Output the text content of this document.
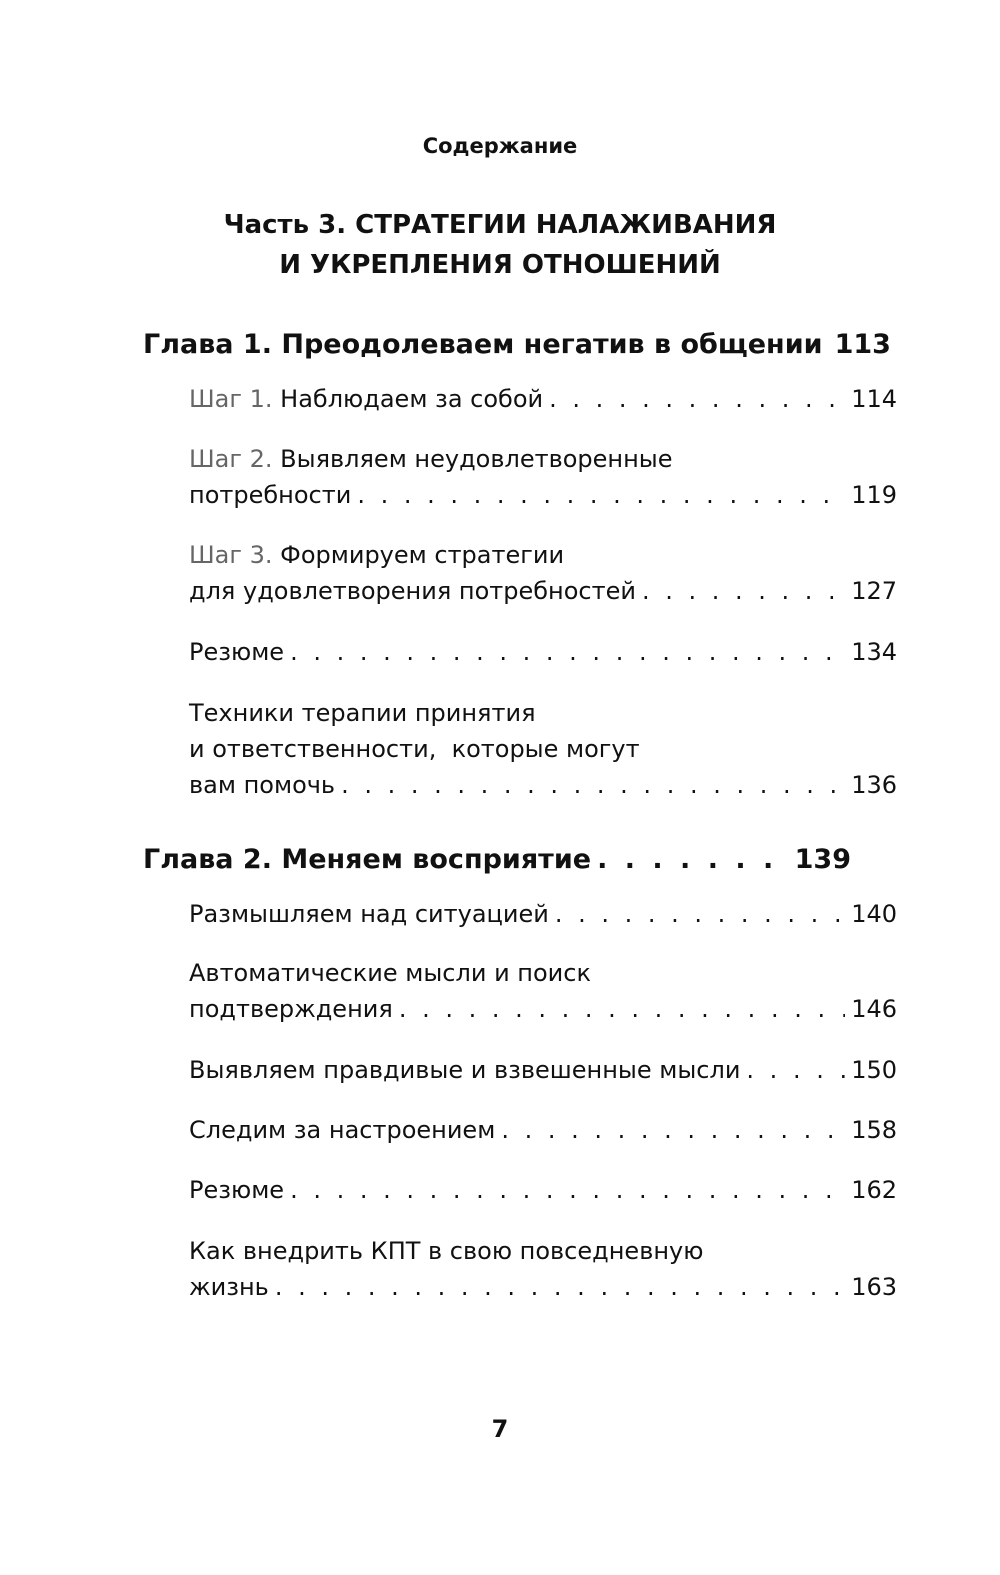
Содержание
Часть 3. СТРАТЕГИИ НАЛАЖИВАНИЯ
И УКРЕПЛЕНИЯ ОТНОШЕНИЙ
Глава 1. Преодолеваем негатив в общении 113
Шаг 1. Наблюдаем за собой . . .	114
Шаг 2. Выявляем неудовлетворенные
потребности . . .	119
Шаг 3. Формируем стратегии
для удовлетворения потребностей . . .	127
Резюме . . .	134
Техники терапии принятия
и ответственности,  которые могут
вам помочь . . .	136
Глава 2. Меняем восприятие . . .	139
Размышляем над ситуацией . . .	140
Автоматические мысли и поиск
подтверждения . . .	146
Выявляем правдивые и взвешенные мысли . . .	150
Следим за настроением . . .	158
Резюме . . .	162
Как внедрить КПТ в свою повседневную
жизнь . . .	163
7
